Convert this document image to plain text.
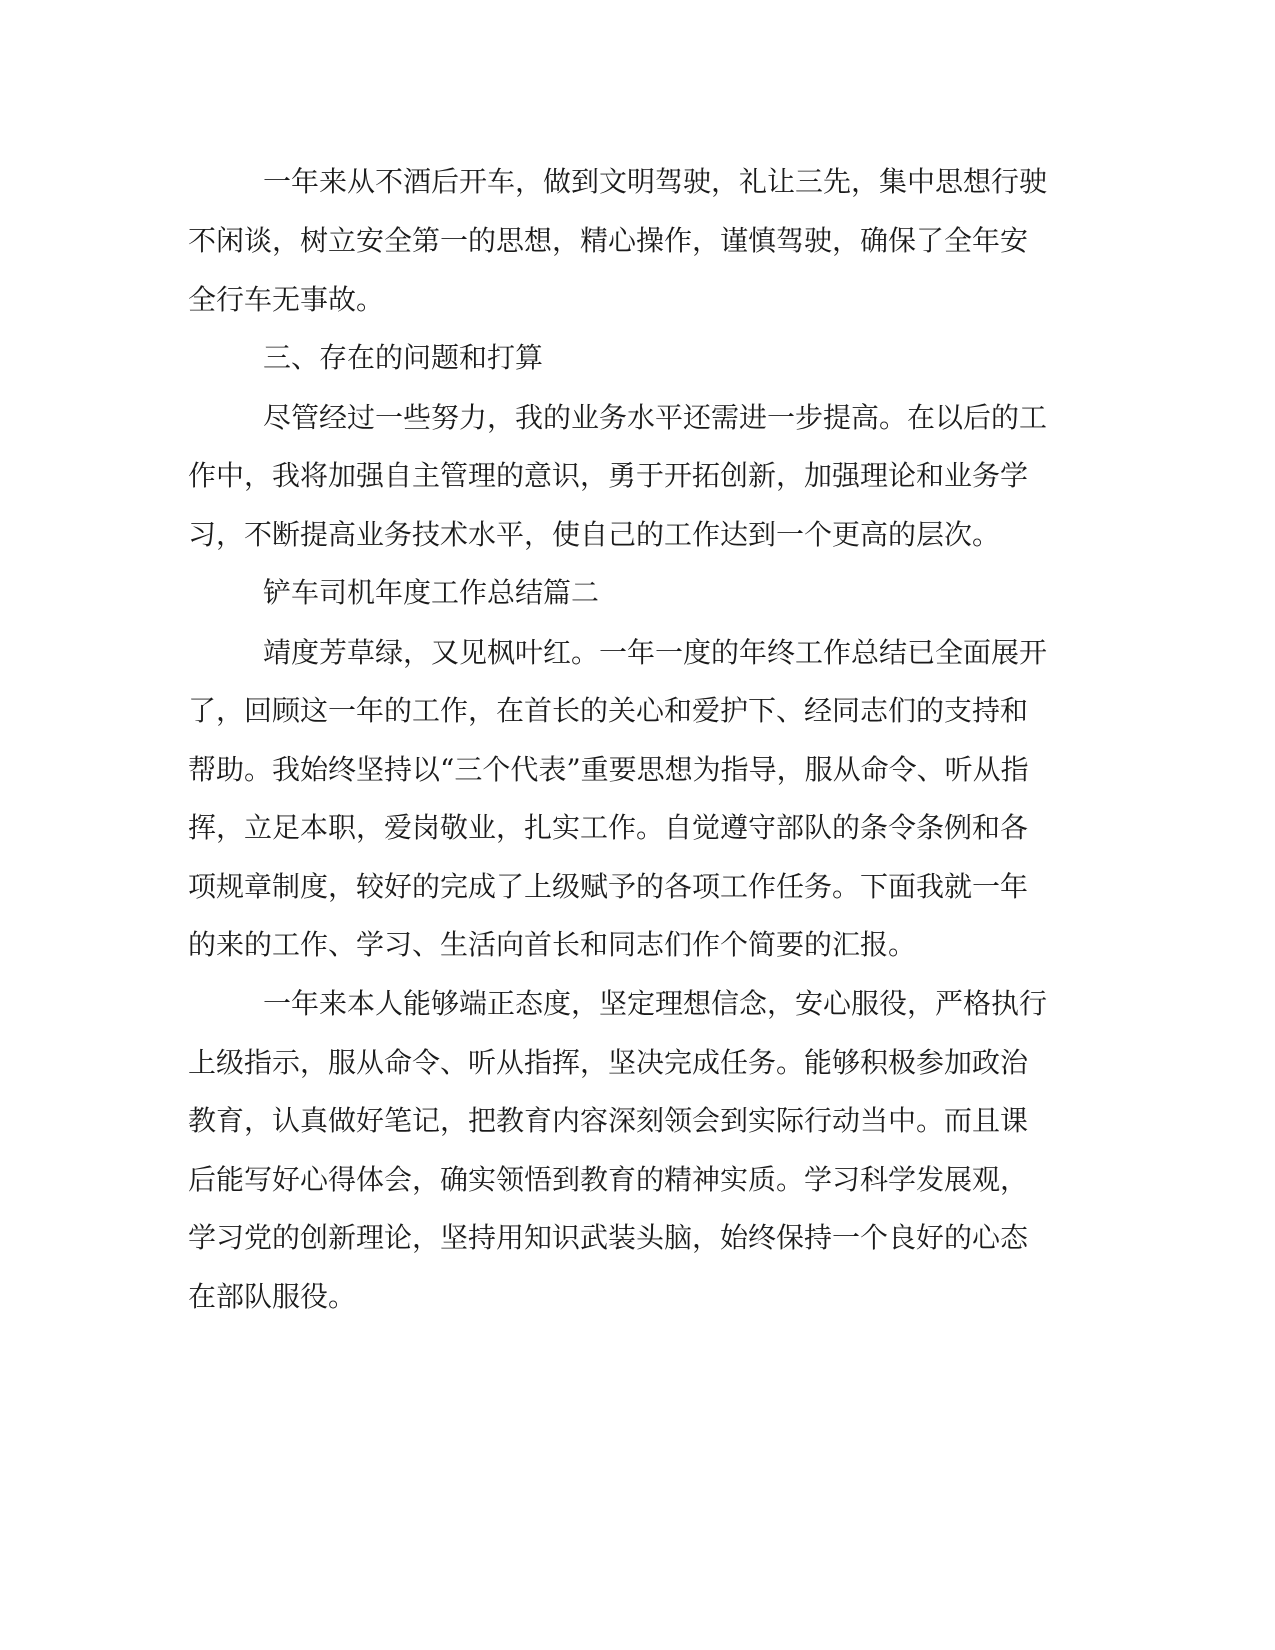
一年来从不酒后开车，做到文明驾驶，礼让三先，集中思想行驶
不闲谈，树立安全第一的思想，精心操作，谨慎驾驶，确保了全年安
全行车无事故。
三、存在的问题和打算
尽管经过一些努力，我的业务水平还需进一步提高。在以后的工
作中，我将加强自主管理的意识，勇于开拓创新，加强理论和业务学
习，不断提高业务技术水平，使自己的工作达到一个更高的层次。
铲车司机年度工作总结篇二
靖度芳草绿，又见枫叶红。一年一度的年终工作总结已全面展开
了，回顾这一年的工作，在首长的关心和爱护下、经同志们的支持和
帮助。我始终坚持以“三个代表”重要思想为指导，服从命令、听从指
挥，立足本职，爱岗敬业，扎实工作。自觉遵守部队的条令条例和各
项规章制度，较好的完成了上级赋予的各项工作任务。下面我就一年
的来的工作、学习、生活向首长和同志们作个简要的汇报。
一年来本人能够端正态度，坚定理想信念，安心服役，严格执行
上级指示，服从命令、听从指挥，坚决完成任务。能够积极参加政治
教育，认真做好笔记，把教育内容深刻领会到实际行动当中。而且课
后能写好心得体会，确实领悟到教育的精神实质。学习科学发展观，
学习党的创新理论，坚持用知识武装头脑，始终保持一个良好的心态
在部队服役。
